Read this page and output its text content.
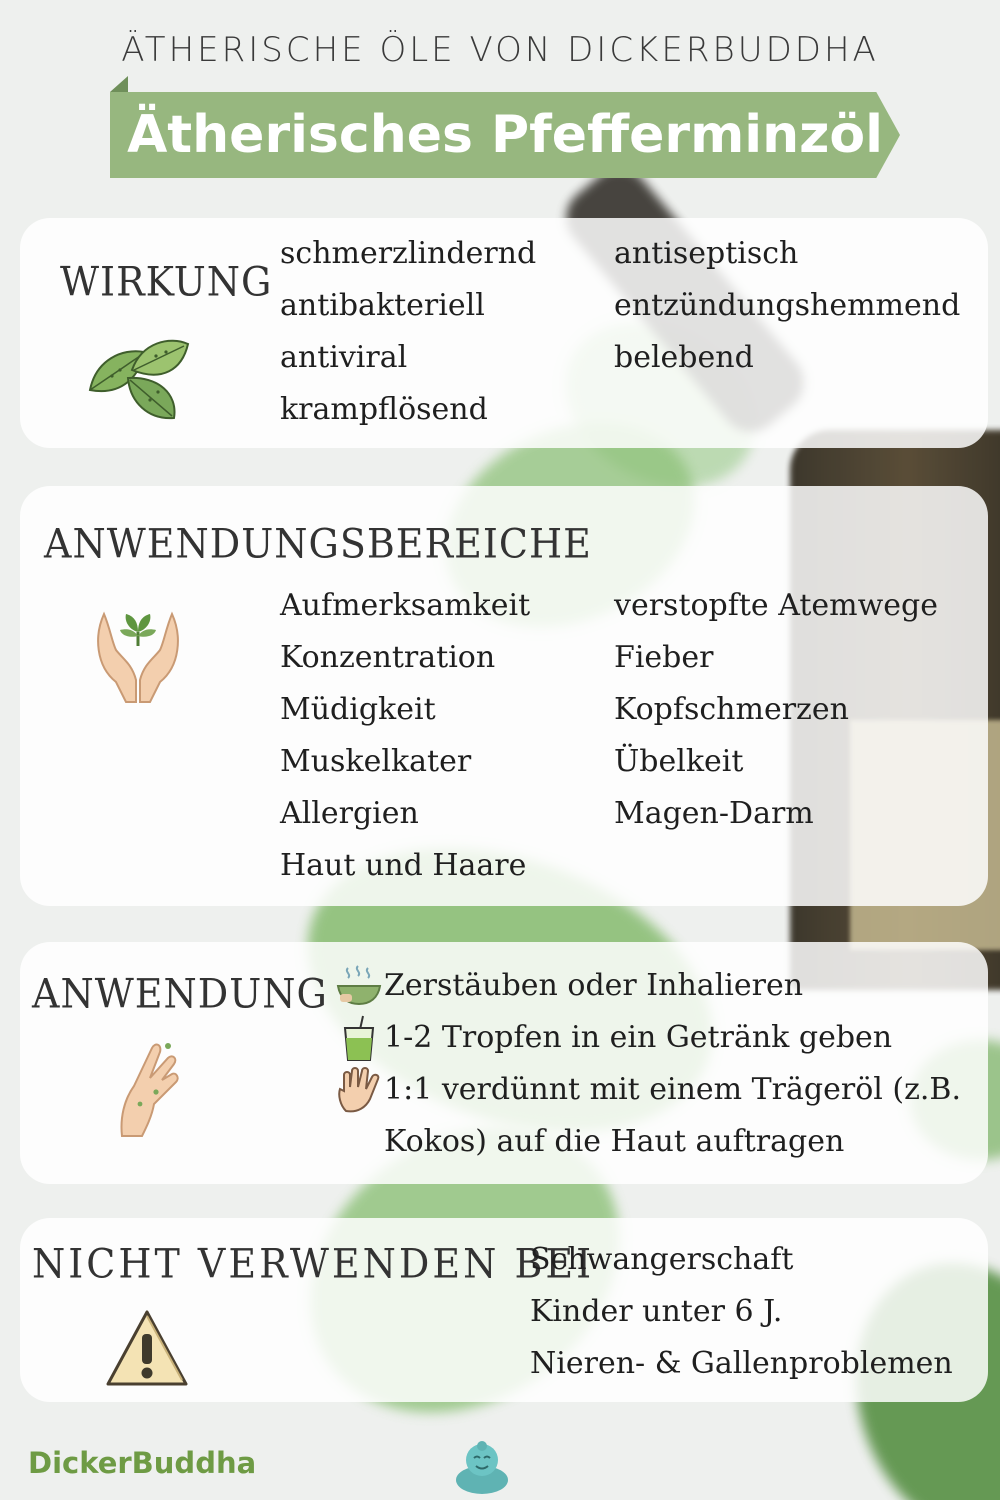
ÄTHERISCHE ÖLE VON DICKERBUDDHA
Ätherisches Pfefferminzöl
WIRKUNG
schmerzlindernd
antibakteriell
antiviral
krampflösend
antiseptisch
entzündungshemmend
belebend
ANWENDUNGSBEREICHE
Aufmerksamkeit
Konzentration
Müdigkeit
Muskelkater
Allergien
Haut und Haare
verstopfte Atemwege
Fieber
Kopfschmerzen
Übelkeit
Magen-Darm
ANWENDUNG Zerstäuben oder Inhalieren
1-2 Tropfen in ein Getränk geben
1:1 verdünnt mit einem Trägeröl (z.B.
Kokos) auf die Haut auftragen
NICHT VERWENDEN BEI
Schwangerschaft
Kinder unter 6 J.
Nieren- & Gallenproblemen

DickerBuddha
